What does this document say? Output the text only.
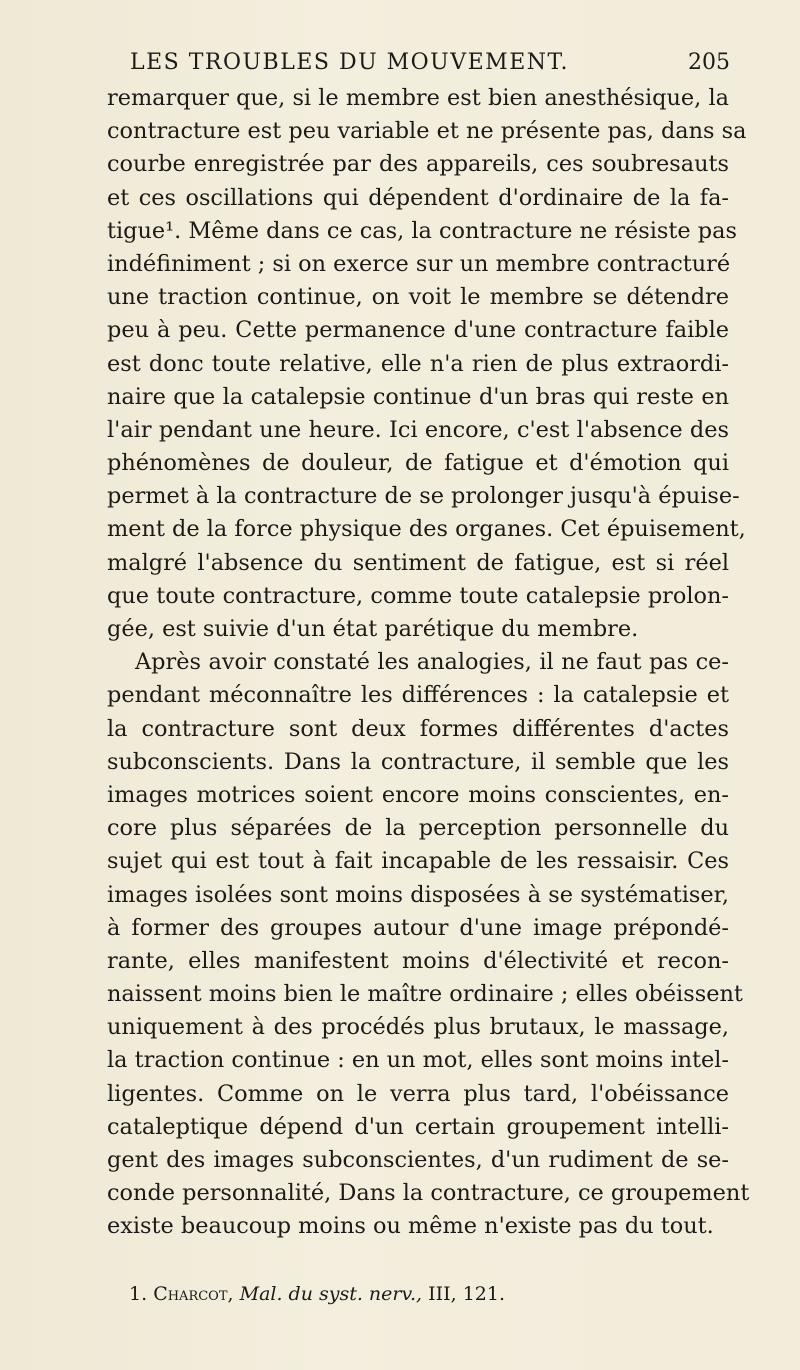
LES TROUBLES DU MOUVEMENT.	205
remarquer que, si le membre est bien anesthésique, la
contracture est peu variable et ne présente pas, dans sa
courbe enregistrée par des appareils, ces soubresauts
et ces oscillations qui dépendent d'ordinaire de la fa-
tigue¹. Même dans ce cas, la contracture ne résiste pas
indéfiniment ; si on exerce sur un membre contracturé
une traction continue, on voit le membre se détendre
peu à peu. Cette permanence d'une contracture faible
est donc toute relative, elle n'a rien de plus extraordi-
naire que la catalepsie continue d'un bras qui reste en
l'air pendant une heure. Ici encore, c'est l'absence des
phénomènes de douleur, de fatigue et d'émotion qui
permet à la contracture de se prolonger jusqu'à épuise-
ment de la force physique des organes. Cet épuisement,
malgré l'absence du sentiment de fatigue, est si réel
que toute contracture, comme toute catalepsie prolon-
gée, est suivie d'un état parétique du membre.
Après avoir constaté les analogies, il ne faut pas ce-
pendant méconnaître les différences : la catalepsie et
la contracture sont deux formes différentes d'actes
subconscients. Dans la contracture, il semble que les
images motrices soient encore moins conscientes, en-
core plus séparées de la perception personnelle du
sujet qui est tout à fait incapable de les ressaisir. Ces
images isolées sont moins disposées à se systématiser,
à former des groupes autour d'une image prépondé-
rante, elles manifestent moins d'électivité et recon-
naissent moins bien le maître ordinaire ; elles obéissent
uniquement à des procédés plus brutaux, le massage,
la traction continue : en un mot, elles sont moins intel-
ligentes. Comme on le verra plus tard, l'obéissance
cataleptique dépend d'un certain groupement intelli-
gent des images subconscientes, d'un rudiment de se-
conde personnalité, Dans la contracture, ce groupement
existe beaucoup moins ou même n'existe pas du tout.
1. Charcot, Mal. du syst. nerv., III, 121.
